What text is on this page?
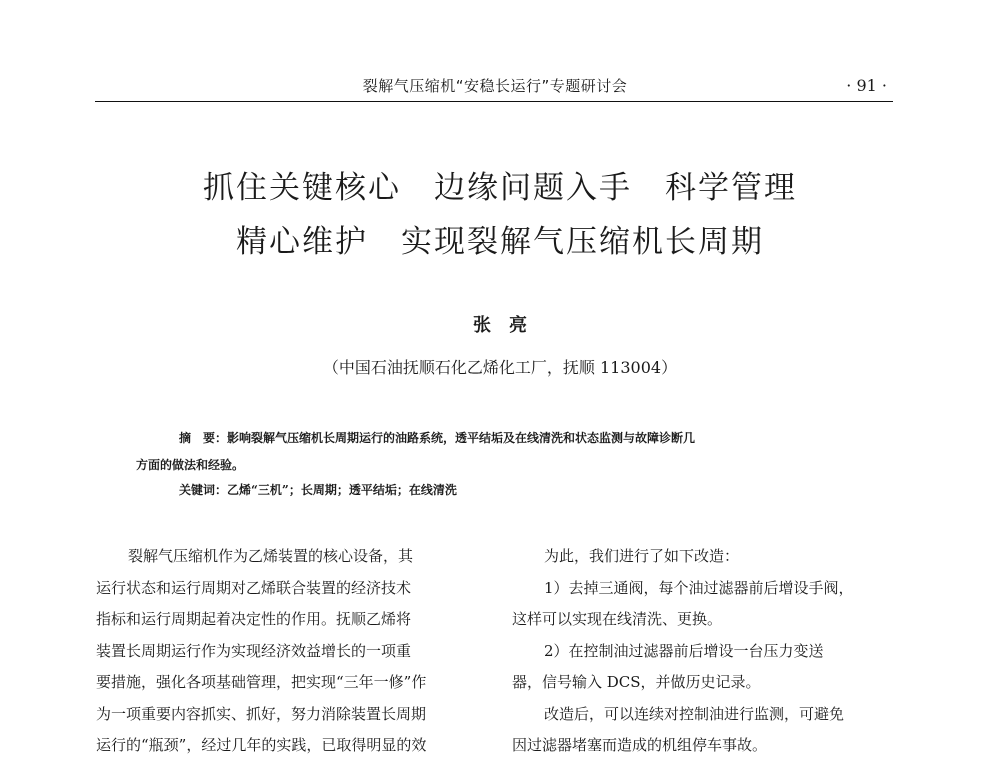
裂解气压缩机“安稳长运行”专题研讨会	· 91 ·
抓住关键核心　边缘问题入手　科学管理
精心维护　实现裂解气压缩机长周期
张亮
（中国石油抚顺石化乙烯化工厂，抚顺 113004）
摘　要：影响裂解气压缩机长周期运行的油路系统，透平结垢及在线清洗和状态监测与故障诊断几
方面的做法和经验。
关键词：乙烯“三机”；长周期；透平结垢；在线清洗
裂解气压缩机作为乙烯装置的核心设备，其
运行状态和运行周期对乙烯联合装置的经济技术
指标和运行周期起着决定性的作用。抚顺乙烯将
装置长周期运行作为实现经济效益增长的一项重
要措施，强化各项基础管理，把实现“三年一修”作
为一项重要内容抓实、抓好，努力消除装置长周期
运行的“瓶颈”，经过几年的实践，已取得明显的效
为此，我们进行了如下改造：
1）去掉三通阀，每个油过滤器前后增设手阀，
这样可以实现在线清洗、更换。
2）在控制油过滤器前后增设一台压力变送
器，信号输入 DCS，并做历史记录。
改造后，可以连续对控制油进行监测，可避免
因过滤器堵塞而造成的机组停车事故。
